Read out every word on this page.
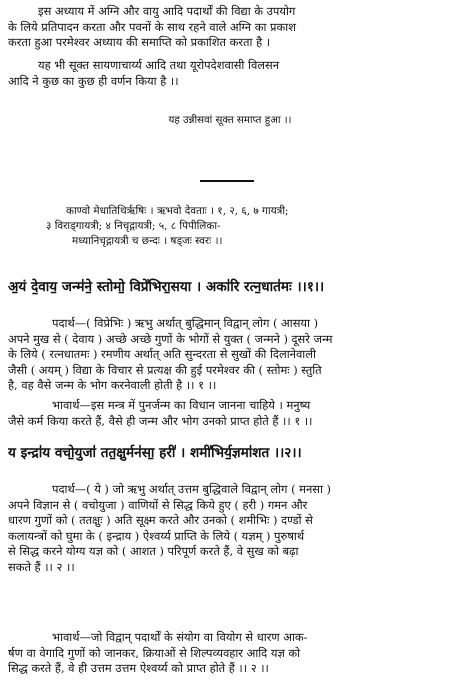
इस अध्याय में अग्नि और वायु आदि पदार्थों की विद्या के उपयोग
के लिये प्रतिपादन करता और पवनों के साथ रहने वाले अग्नि का प्रकाश
करता हुआ परमेश्वर अध्याय की समाप्ति को प्रकाशित करता है ।
यह भी सूक्त सायणाचार्य्य आदि तथा यूरोपदेशवासी विलसन
आदि ने कुछ का कुछ ही वर्णन किया है ।।
यह उन्नीसवां सूक्त समाप्त हुआ ।।
काण्वो मेधातिथिर्ऋषिः । ऋभवो देवताः । १, २, ६, ७ गायत्री;
३ विराड्गायत्री; ४ निचृद्गायत्री; ५, ८ पिपीलिका-
मध्यानिचृद्गायत्री च छन्दः । षड्जः स्वरः ।।
अ॒यं दे॒वाय॒ जन्म॑ने॒ स्तोमो॒ विप्रे॑भिरा॒सया । अका॑रि रत्न॒धात॑मः ।।१।।
पदार्थ—( विप्रेभिः ) ऋभु अर्थात् बुद्धिमान् विद्वान् लोग ( आसया )
अपने मुख से ( देवाय ) अच्छे अच्छे गुणों के भोगों से युक्त ( जन्मने ) दूसरे जन्म
के लिये ( रत्नधातमः ) रमणीय अर्थात् अति सुन्दरता से सुखों की दिलानेवाली
जैसी ( अयम् ) विद्या के विचार से प्रत्यक्ष की हुई परमेश्वर की ( स्तोमः ) स्तुति
है, वह वैसे जन्म के भोग करनेवाली होती है ।। १ ।।
भावार्थ—इस मन्त्र में पुनर्जन्म का विधान जानना चाहिये । मनुष्य
जैसे कर्म किया करते हैं, वैसे ही जन्म और भोग उनको प्राप्त होते हैं ।। १ ।।
य इन्द्रा॑य वचो॒युजा॑ तत॒क्षुर्मन॑सा॒ हरी॑ । शमी॑भिर्य॒ज्ञमा॑शत ।।२।।
पदार्थ—( ये ) जो ऋभु अर्थात् उत्तम बुद्धिवाले विद्वान् लोग ( मनसा )
अपने विज्ञान से ( वचोयुजा ) वाणियों से सिद्ध किये हुए ( हरी ) गमन और
धारण गुणों को ( ततक्षुः ) अति सूक्ष्म करते और उनको ( शमीभिः ) दण्डों से
कलायन्त्रों को घुमा के ( इन्द्राय ) ऐश्वर्य्य प्राप्ति के लिये ( यज्ञम् ) पुरुषार्थ
से सिद्ध करने योग्य यज्ञ को ( आशत ) परिपूर्ण करते हैं, वे सुख को बढ़ा
सकते हैं ।। २ ।।
भावार्थ—जो विद्वान् पदार्थों के संयोग वा वियोग से धारण आक-
र्षण वा वेगादि गुणों को जानकर, क्रियाओं से शिल्पव्यवहार आदि यज्ञ को
सिद्ध करते हैं, वे ही उत्तम उत्तम ऐश्वर्य्य को प्राप्त होते हैं ।। २ ।।
